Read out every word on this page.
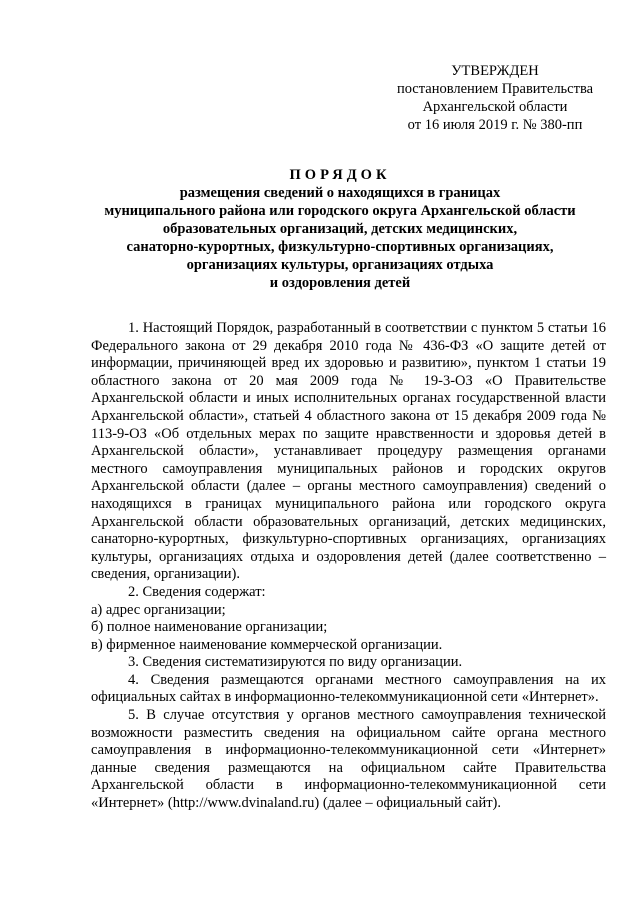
УТВЕРЖДЕН
постановлением Правительства
Архангельской области
от 16 июля 2019 г. № 380-пп
ПОРЯДОК
размещения сведений о находящихся в границах
муниципального района или городского округа Архангельской области
образовательных организаций, детских медицинских,
санаторно-курортных, физкультурно-спортивных организациях,
организациях культуры, организациях отдыха
и оздоровления детей

1. Настоящий Порядок, разработанный в соответствии с пунктом 5 статьи 16 Федерального закона от 29 декабря 2010 года № 436-ФЗ «О защите детей от информации, причиняющей вред их здоровью и развитию», пунктом 1 статьи 19 областного закона от 20 мая 2009 года № 19-3-ОЗ «О Правительстве Архангельской области и иных исполнительных органах государственной власти Архангельской области», статьей 4 областного закона от 15 декабря 2009 года № 113-9-ОЗ «Об отдельных мерах по защите нравственности и здоровья детей в Архангельской области», устанавливает процедуру размещения органами местного самоуправления муниципальных районов и городских округов Архангельской области (далее – органы местного самоуправления) сведений о находящихся в границах муниципального района или городского округа Архангельской области образовательных организаций, детских медицинских, санаторно-курортных, физкультурно-спортивных организациях, организациях культуры, организациях отдыха и оздоровления детей (далее соответственно – сведения, организации).

2. Сведения содержат:

а) адрес организации;

б) полное наименование организации;

в) фирменное наименование коммерческой организации.

3. Сведения систематизируются по виду организации.

4. Сведения размещаются органами местного самоуправления на их официальных сайтах в информационно-телекоммуникационной сети «Интернет».

5. В случае отсутствия у органов местного самоуправления технической возможности разместить сведения на официальном сайте органа местного самоуправления в информационно-телекоммуникационной сети «Интернет» данные сведения размещаются на официальном сайте Правительства Архангельской области в информационно-телекоммуникационной сети «Интернет» (http://www.dvinaland.ru) (далее – официальный сайт).
